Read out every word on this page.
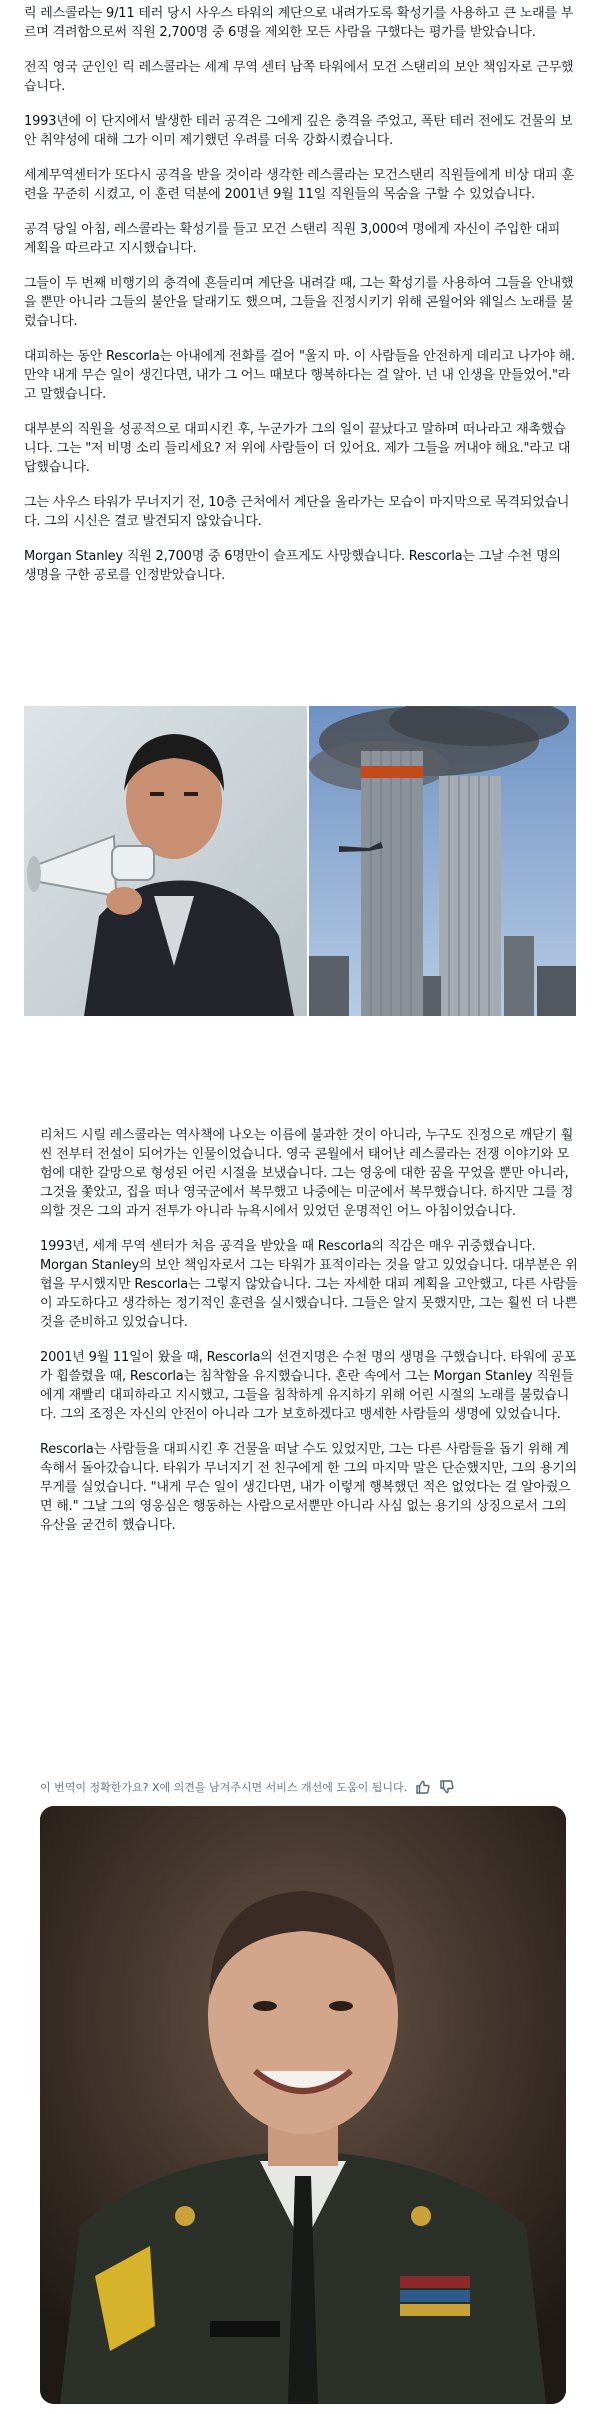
릭 레스콜라는 9/11 테러 당시 사우스 타워의 계단으로 내려가도록 확성기를 사용하고 큰 노래를 부르며 격려함으로써 직원 2,700명 중 6명을 제외한 모든 사람을 구했다는 평가를 받았습니다.

전직 영국 군인인 릭 레스콜라는 세계 무역 센터 남쪽 타워에서 모건 스탠리의 보안 책임자로 근무했습니다.

1993년에 이 단지에서 발생한 테러 공격은 그에게 깊은 충격을 주었고, 폭탄 테러 전에도 건물의 보안 취약성에 대해 그가 이미 제기했던 우려를 더욱 강화시켰습니다.

세계무역센터가 또다시 공격을 받을 것이라 생각한 레스콜라는 모건스탠리 직원들에게 비상 대피 훈련을 꾸준히 시켰고, 이 훈련 덕분에 2001년 9월 11일 직원들의 목숨을 구할 수 있었습니다.

공격 당일 아침, 레스콜라는 확성기를 들고 모건 스탠리 직원 3,000여 명에게 자신이 주입한 대피 계획을 따르라고 지시했습니다.

그들이 두 번째 비행기의 충격에 흔들리며 계단을 내려갈 때, 그는 확성기를 사용하여 그들을 안내했을 뿐만 아니라 그들의 불안을 달래기도 했으며, 그들을 진정시키기 위해 콘월어와 웨일스 노래를 불렀습니다.

대피하는 동안 Rescorla는 아내에게 전화를 걸어 "울지 마. 이 사람들을 안전하게 데리고 나가야 해. 만약 내게 무슨 일이 생긴다면, 내가 그 어느 때보다 행복하다는 걸 알아. 넌 내 인생을 만들었어."라고 말했습니다.

대부분의 직원을 성공적으로 대피시킨 후, 누군가가 그의 일이 끝났다고 말하며 떠나라고 재촉했습니다. 그는 "저 비명 소리 들리세요? 저 위에 사람들이 더 있어요. 제가 그들을 꺼내야 해요."라고 대답했습니다.

그는 사우스 타워가 무너지기 전, 10층 근처에서 계단을 올라가는 모습이 마지막으로 목격되었습니다. 그의 시신은 결코 발견되지 않았습니다.

Morgan Stanley 직원 2,700명 중 6명만이 슬프게도 사망했습니다. Rescorla는 그날 수천 명의 생명을 구한 공로를 인정받았습니다.

리처드 시릴 레스콜라는 역사책에 나오는 이름에 불과한 것이 아니라, 누구도 진정으로 깨닫기 훨씬 전부터 전설이 되어가는 인물이었습니다. 영국 콘월에서 태어난 레스콜라는 전쟁 이야기와 모험에 대한 갈망으로 형성된 어린 시절을 보냈습니다. 그는 영웅에 대한 꿈을 꾸었을 뿐만 아니라, 그것을 쫓았고, 집을 떠나 영국군에서 복무했고 나중에는 미군에서 복무했습니다. 하지만 그를 정의할 것은 그의 과거 전투가 아니라 뉴욕시에서 있었던 운명적인 어느 아침이었습니다.

1993년, 세계 무역 센터가 처음 공격을 받았을 때 Rescorla의 직감은 매우 귀중했습니다. Morgan Stanley의 보안 책임자로서 그는 타워가 표적이라는 것을 알고 있었습니다. 대부분은 위협을 무시했지만 Rescorla는 그렇지 않았습니다. 그는 자세한 대피 계획을 고안했고, 다른 사람들이 과도하다고 생각하는 정기적인 훈련을 실시했습니다. 그들은 알지 못했지만, 그는 훨씬 더 나쁜 것을 준비하고 있었습니다.

2001년 9월 11일이 왔을 때, Rescorla의 선견지명은 수천 명의 생명을 구했습니다. 타워에 공포가 휩쓸렸을 때, Rescorla는 침착함을 유지했습니다. 혼란 속에서 그는 Morgan Stanley 직원들에게 재빨리 대피하라고 지시했고, 그들을 침착하게 유지하기 위해 어린 시절의 노래를 불렀습니다. 그의 조정은 자신의 안전이 아니라 그가 보호하겠다고 맹세한 사람들의 생명에 있었습니다.

Rescorla는 사람들을 대피시킨 후 건물을 떠날 수도 있었지만, 그는 다른 사람들을 돕기 위해 계속해서 돌아갔습니다. 타워가 무너지기 전 친구에게 한 그의 마지막 말은 단순했지만, 그의 용기의 무게를 실었습니다. "내게 무슨 일이 생긴다면, 내가 이렇게 행복했던 적은 없었다는 걸 알아줬으면 해." 그날 그의 영웅심은 행동하는 사람으로서뿐만 아니라 사심 없는 용기의 상징으로서 그의 유산을 굳건히 했습니다.

이 번역이 정확한가요? X에 의견을 남겨주시면 서비스 개선에 도움이 됩니다.
